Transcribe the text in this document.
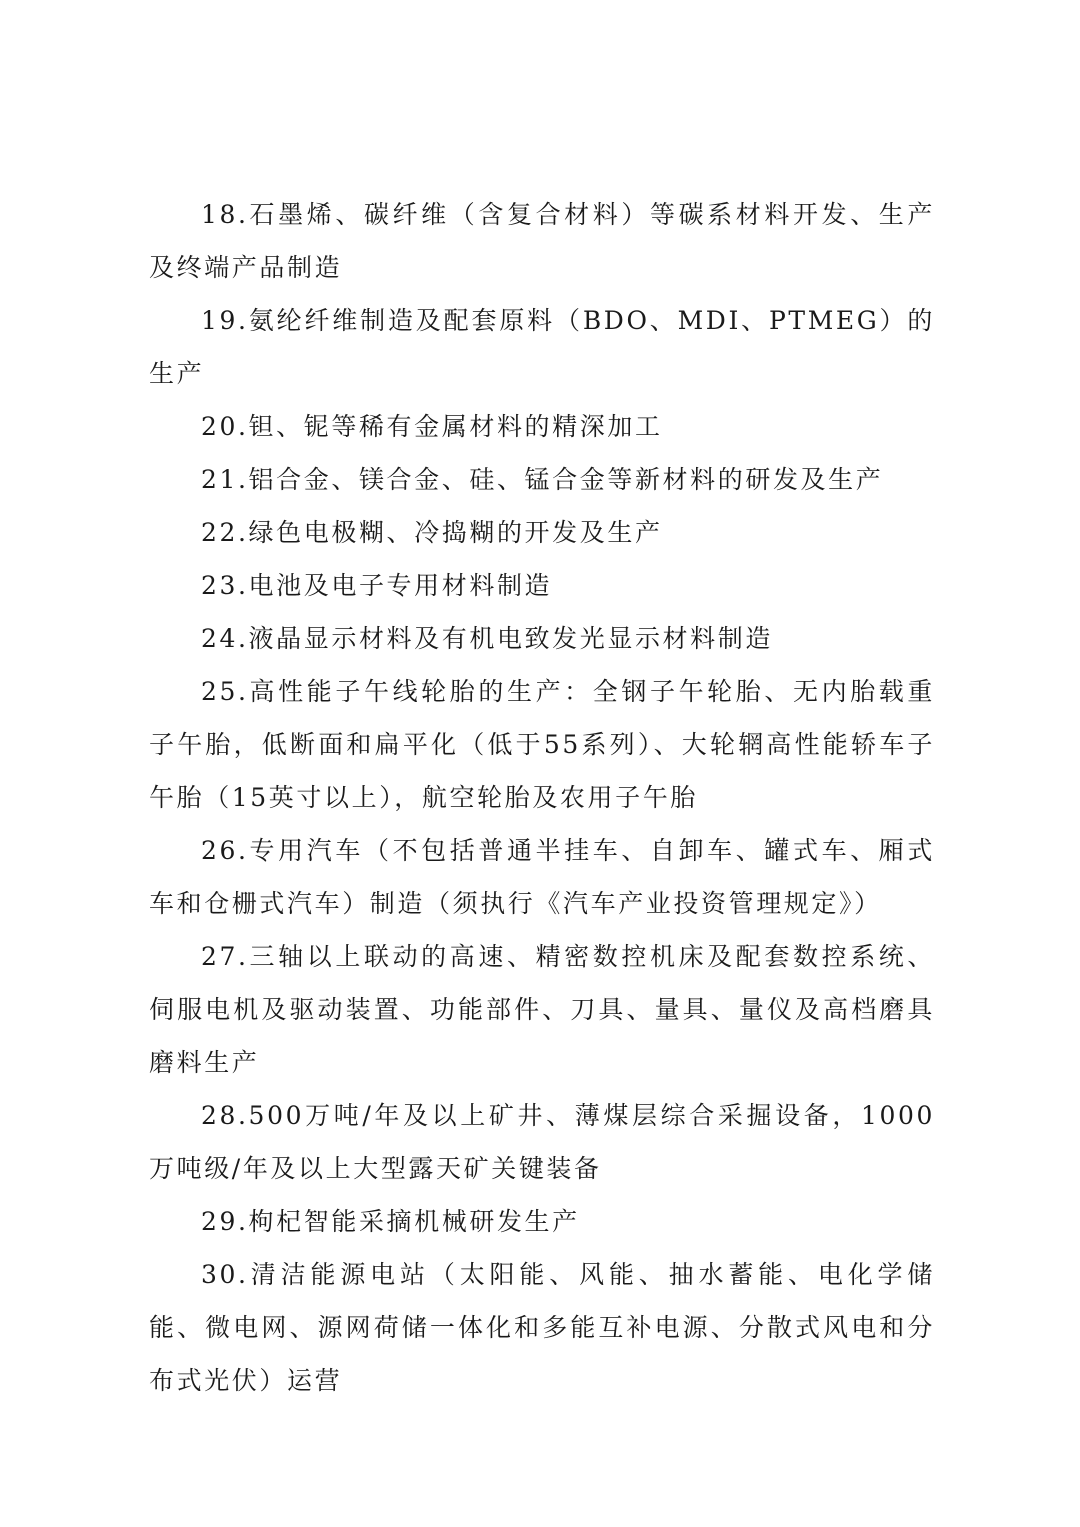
18.石墨烯、碳纤维（含复合材料）等碳系材料开发、生产及终端产品制造

19.氨纶纤维制造及配套原料（BDO、MDI、PTMEG）的生产

20.钽、铌等稀有金属材料的精深加工

21.铝合金、镁合金、硅、锰合金等新材料的研发及生产

22.绿色电极糊、冷捣糊的开发及生产

23.电池及电子专用材料制造

24.液晶显示材料及有机电致发光显示材料制造

25.高性能子午线轮胎的生产：全钢子午轮胎、无内胎载重子午胎，低断面和扁平化（低于55系列）、大轮辋高性能轿车子午胎（15英寸以上），航空轮胎及农用子午胎

26.专用汽车（不包括普通半挂车、自卸车、罐式车、厢式车和仓栅式汽车）制造（须执行《汽车产业投资管理规定》）

27.三轴以上联动的高速、精密数控机床及配套数控系统、伺服电机及驱动装置、功能部件、刀具、量具、量仪及高档磨具磨料生产

28.500万吨/年及以上矿井、薄煤层综合采掘设备，1000万吨级/年及以上大型露天矿关键装备

29.枸杞智能采摘机械研发生产

30.清洁能源电站（太阳能、风能、抽水蓄能、电化学储能、微电网、源网荷储一体化和多能互补电源、分散式风电和分布式光伏）运营
